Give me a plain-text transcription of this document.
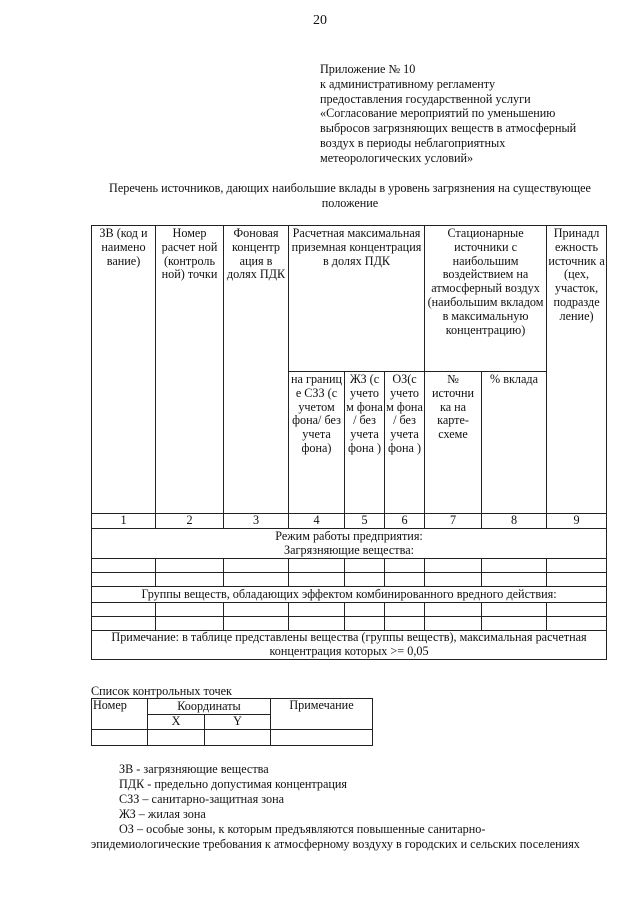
20
Приложение № 10
к административному регламенту
предоставления государственной услуги
«Согласование мероприятий по уменьшению
выбросов загрязняющих веществ в атмосферный
воздух в периоды неблагоприятных
метеорологических условий»
Перечень источников, дающих наибольшие вклады в уровень загрязнения на существующее положение
ЗВ (код и наимено вание)	Номер расчет ной (контроль ной) точки	Фоновая концентр ация в долях ПДК	Расчетная максимальная приземная концентрация в долях ПДК			Стационарные источники с наибольшим воздействием на атмосферный воздух (наибольшим вкладом в максимальную концентрацию)		Принадл ежность источник а (цех, участок, подразде ление)
			на границ е СЗЗ (с учетом фона/ без учета фона)	ЖЗ (с учето м фона / без учета фона )	ОЗ(с учето м фона / без учета фона )	№ источни ка на карте- схеме	% вклада	
1	2	3	4	5	6	7	8	9

Режим работы предприятия:
Загрязняющие вещества:								

Группы веществ, обладающих эффектом комбинированного вредного действия:								

Примечание: в таблице представлены вещества (группы веществ), максимальная расчетная концентрация которых >= 0,05								
Список контрольных точек
Номер	Координаты		Примечание
	X	Y	

ЗВ - загрязняющие вещества
ПДК - предельно допустимая концентрация
СЗЗ – санитарно-защитная зона
ЖЗ – жилая зона
ОЗ – особые зоны, к которым предъявляются повышенные санитарно-
эпидемиологические требования к атмосферному воздуху в городских и сельских поселениях
